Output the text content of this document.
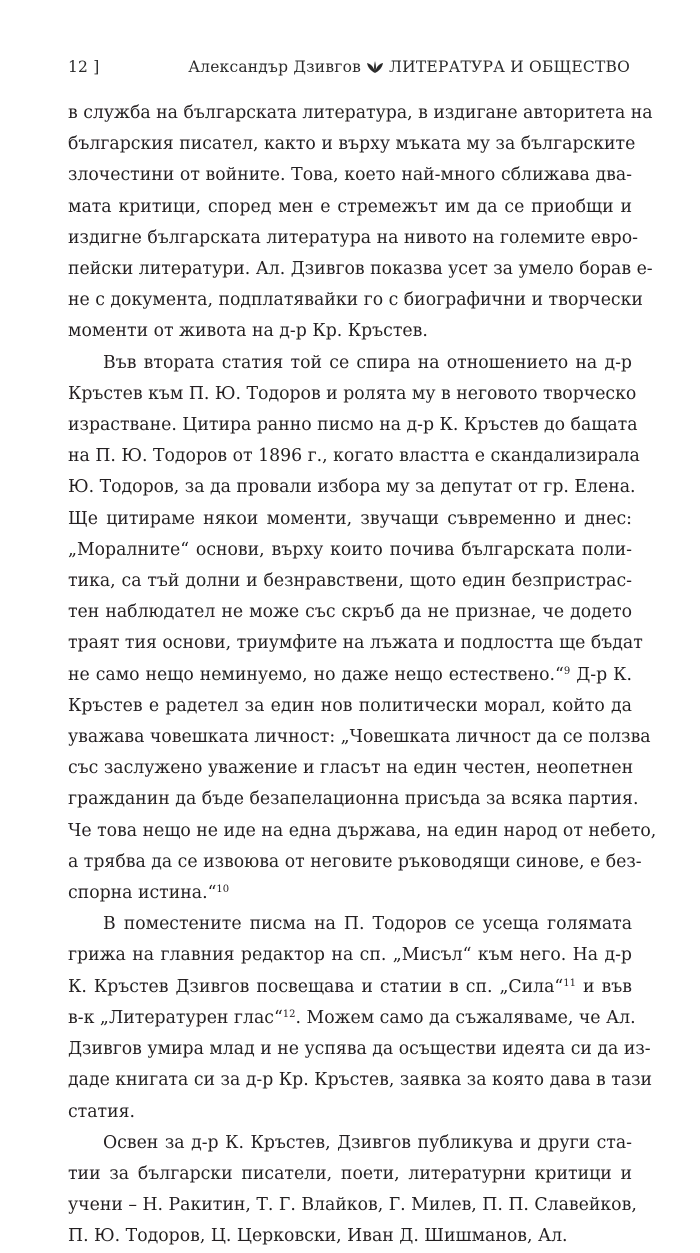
12 ]	Александър Дзивгов ЛИТЕРАТУРА И ОБЩЕСТВО
в служба на българската литература, в издигане авторитета на
българския писател, както и върху мъката му за българските
злочестини от войните. Това, което най-много сближава два-
мата критици, според мен е стремежът им да се приобщи и
издигне българската литература на нивото на големите евро-
пейски литератури. Ал. Дзивгов показва усет за умело борав е-
не с документа, подплатявайки го с биографични и творчески
моменти от живота на д-р Кр. Кръстев.
Във втората статия той се спира на отношението на д-р
Кръстев към П. Ю. Тодоров и ролята му в неговото творческо
израстване. Цитира ранно писмо на д-р К. Кръстев до бащата
на П. Ю. Тодоров от 1896 г., когато властта е скандализирала
Ю. Тодоров, за да провали избора му за депутат от гр. Елена.
Ще цитираме някои моменти, звучащи съвременно и днес:
„Моралните“ основи, върху които почива българската поли-
тика, са тъй долни и безнравствени, щото един безпристрас-
тен наблюдател не може със скръб да не признае, че додето
траят тия основи, триумфите на лъжата и подлостта ще бъдат
не само нещо неминуемо, но даже нещо естествено.“$^9$ Д-р К.
Кръстев е радетел за един нов политически морал, който да
уважава човешката личност: „Човешката личност да се ползва
със заслужено уважение и гласът на един честен, неопетнен
гражданин да бъде безапелационна присъда за всяка партия.
Че това нещо не иде на една държава, на един народ от небето,
а трябва да се извоюва от неговите ръководящи синове, е без-
спорна истина.“$^{10}$
В поместените писма на П. Тодоров се усеща голямата
грижа на главния редактор на сп. „Мисъл“ към него. На д-р
К. Кръстев Дзивгов посвещава и статии в сп. „Сила“$^{11}$ и във
в-к „Литературен глас“$^{12}$. Можем само да съжаляваме, че Ал.
Дзивгов умира млад и не успява да осъществи идеята си да из-
даде книгата си за д-р Кр. Кръстев, заявка за която дава в тази
статия.
Освен за д-р К. Кръстев, Дзивгов публикува и други ста-
тии за български писатели, поети, литературни критици и
учени – Н. Ракитин, Т. Г. Влайков, Г. Милев, П. П. Славейков,
П. Ю. Тодоров, Ц. Церковски, Иван Д. Шишманов, Ал.
